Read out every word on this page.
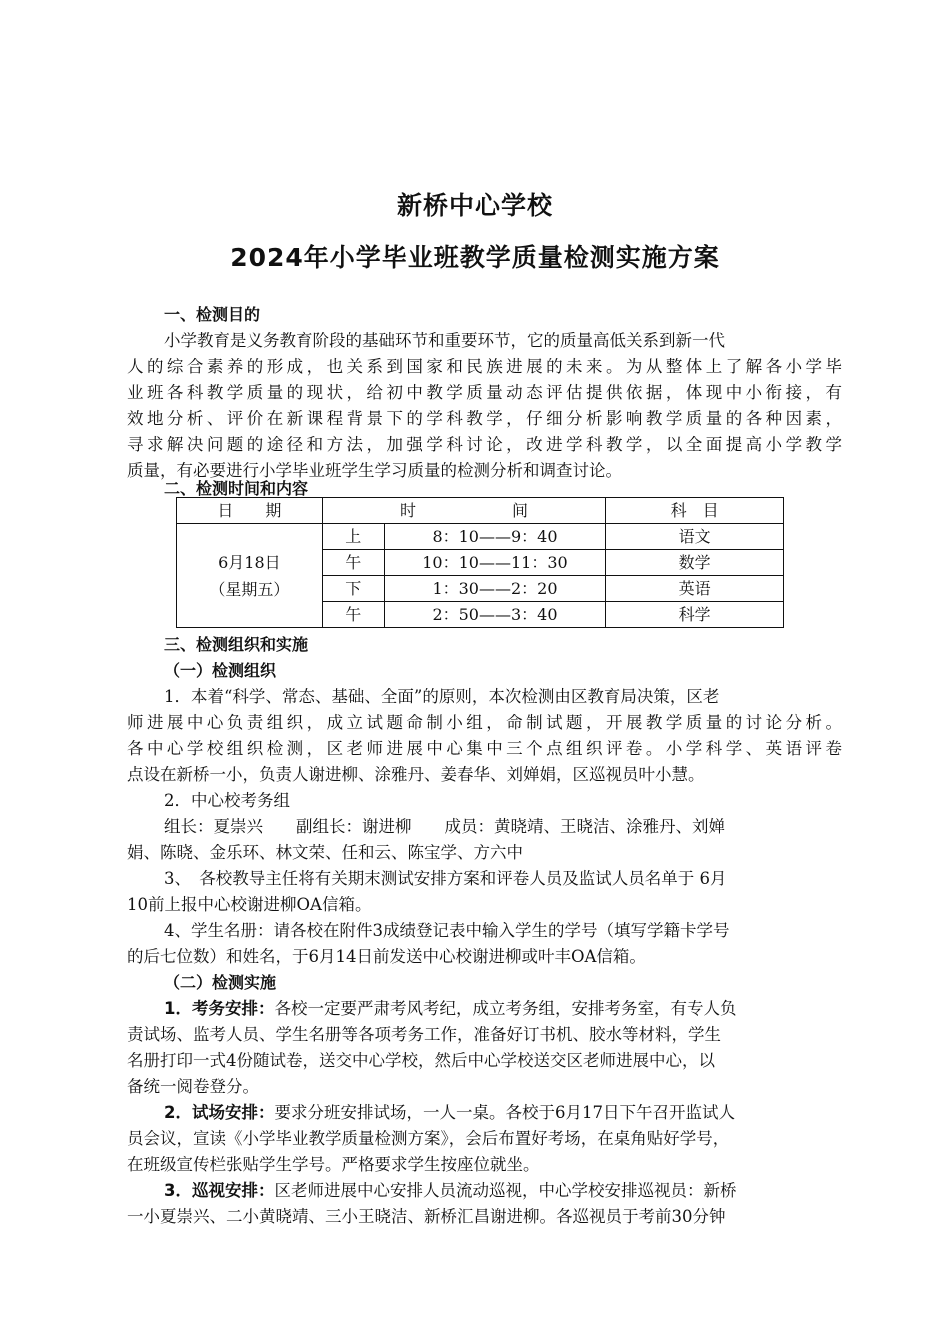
新桥中心学校
2024年小学毕业班教学质量检测实施方案
一、检测目的
小学教育是义务教育阶段的基础环节和重要环节，它的质量高低关系到新一代
人的综合素养的形成，也关系到国家和民族进展的未来。为从整体上了解各小学毕
业班各科教学质量的现状，给初中教学质量动态评估提供依据，体现中小衔接，有
效地分析、评价在新课程背景下的学科教学，仔细分析影响教学质量的各种因素，
寻求解决问题的途径和方法，加强学科讨论，改进学科教学，以全面提高小学教学
质量，有必要进行小学毕业班学生学习质量的检测分析和调查讨论。
二、检测时间和内容
日　　期	时　　　　　　间		科　目

6月18日
（星期五）	上	8：10——9：40	语文
	午	10：10——11：30	数学
	下	1：30——2：20	英语
	午	2：50——3：40	科学
三、检测组织和实施
（一）检测组织
1．本着“科学、常态、基础、全面”的原则，本次检测由区教育局决策，区老
师进展中心负责组织，成立试题命制小组，命制试题，开展教学质量的讨论分析。
各中心学校组织检测，区老师进展中心集中三个点组织评卷。小学科学、英语评卷
点设在新桥一小，负责人谢进柳、涂雅丹、姜春华、刘婵娟，区巡视员叶小慧。
2．中心校考务组
组长：夏崇兴　　副组长：谢进柳　　成员：黄晓靖、王晓洁、涂雅丹、刘婵
娟、陈晓、金乐环、林文荣、任和云、陈宝学、方六中
3、　各校教导主任将有关期末测试安排方案和评卷人员及监试人员名单于 6月
10前上报中心校谢进柳OA信箱。
4、学生名册：请各校在附件3成绩登记表中输入学生的学号（填写学籍卡学号
的后七位数）和姓名，于6月14日前发送中心校谢进柳或叶丰OA信箱。
（二）检测实施
1．考务安排：各校一定要严肃考风考纪，成立考务组，安排考务室，有专人负
责试场、监考人员、学生名册等各项考务工作，准备好订书机、胶水等材料，学生
名册打印一式4份随试卷，送交中心学校，然后中心学校送交区老师进展中心，以
备统一阅卷登分。
2．试场安排：要求分班安排试场，一人一桌。各校于6月17日下午召开监试人
员会议，宣读《小学毕业教学质量检测方案》，会后布置好考场，在桌角贴好学号，
在班级宣传栏张贴学生学号。严格要求学生按座位就坐。
3．巡视安排：区老师进展中心安排人员流动巡视，中心学校安排巡视员：新桥
一小夏崇兴、二小黄晓靖、三小王晓洁、新桥汇昌谢进柳。各巡视员于考前30分钟
